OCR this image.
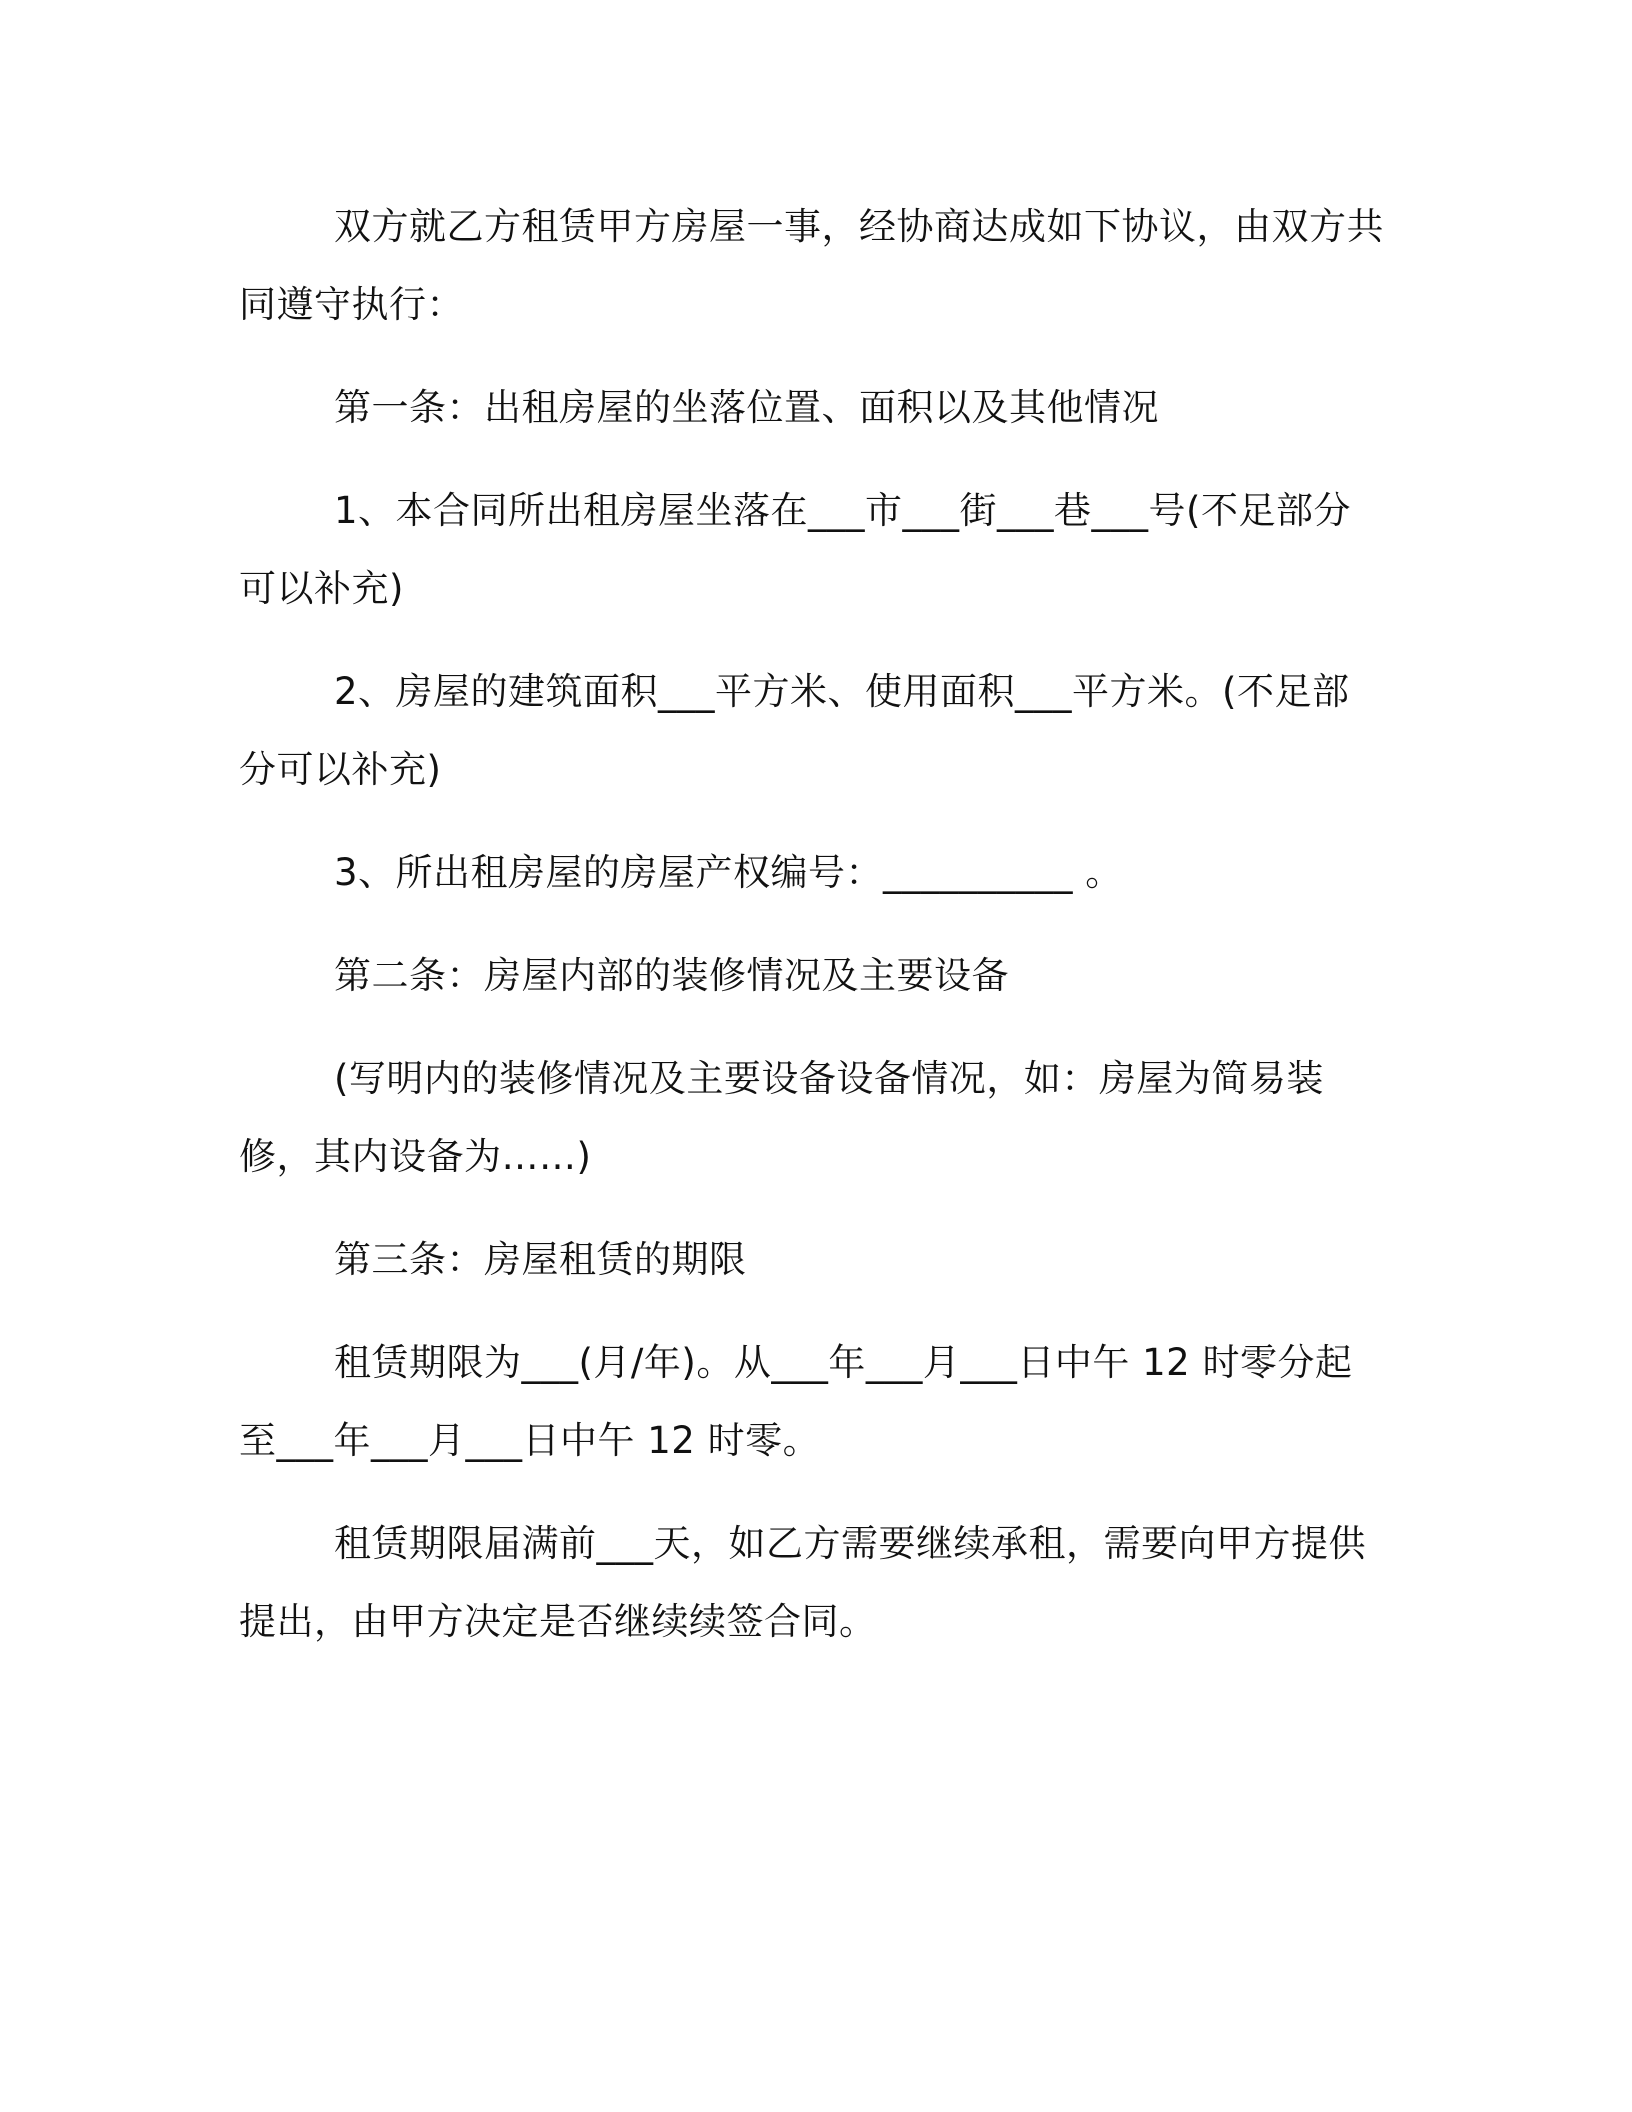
双方就乙方租赁甲方房屋一事，经协商达成如下协议，由双方共同遵守执行：

第一条：出租房屋的坐落位置、面积以及其他情况

1、本合同所出租房屋坐落在___市___街___巷___号(不足部分可以补充)

2、房屋的建筑面积___平方米、使用面积___平方米。(不足部分可以补充)

3、所出租房屋的房屋产权编号：__________ 。

第二条：房屋内部的装修情况及主要设备

(写明内的装修情况及主要设备设备情况，如：房屋为简易装修，其内设备为……)

第三条：房屋租赁的期限

租赁期限为___(月/年)。从___年___月___日中午 12 时零分起至___年___月___日中午 12 时零。

租赁期限届满前___天，如乙方需要继续承租，需要向甲方提供提出，由甲方决定是否继续续签合同。
